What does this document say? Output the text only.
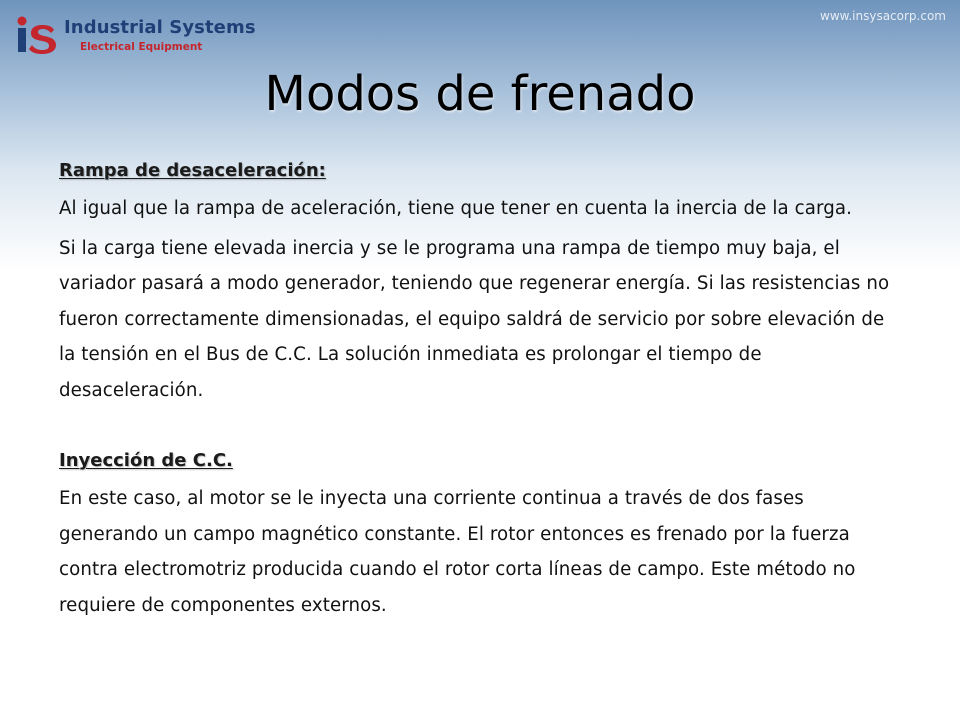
Industrial Systems
Electrical Equipment
www.insysacorp.com
Modos de frenado
Rampa de desaceleración:

Al igual que la rampa de aceleración, tiene que tener en cuenta la inercia de la carga.

Si la carga tiene elevada inercia y se le programa una rampa de tiempo muy baja, el variador pasará a modo generador, teniendo que regenerar energía. Si las resistencias no fueron correctamente dimensionadas, el equipo saldrá de servicio por sobre elevación de la tensión en el Bus de C.C. La solución inmediata es prolongar el tiempo de desaceleración.

Inyección de C.C.

En este caso, al motor se le inyecta una corriente continua a través de dos fases generando un campo magnético constante. El rotor entonces es frenado por la fuerza contra electromotriz producida cuando el rotor corta líneas de campo. Este método no requiere de componentes externos.
